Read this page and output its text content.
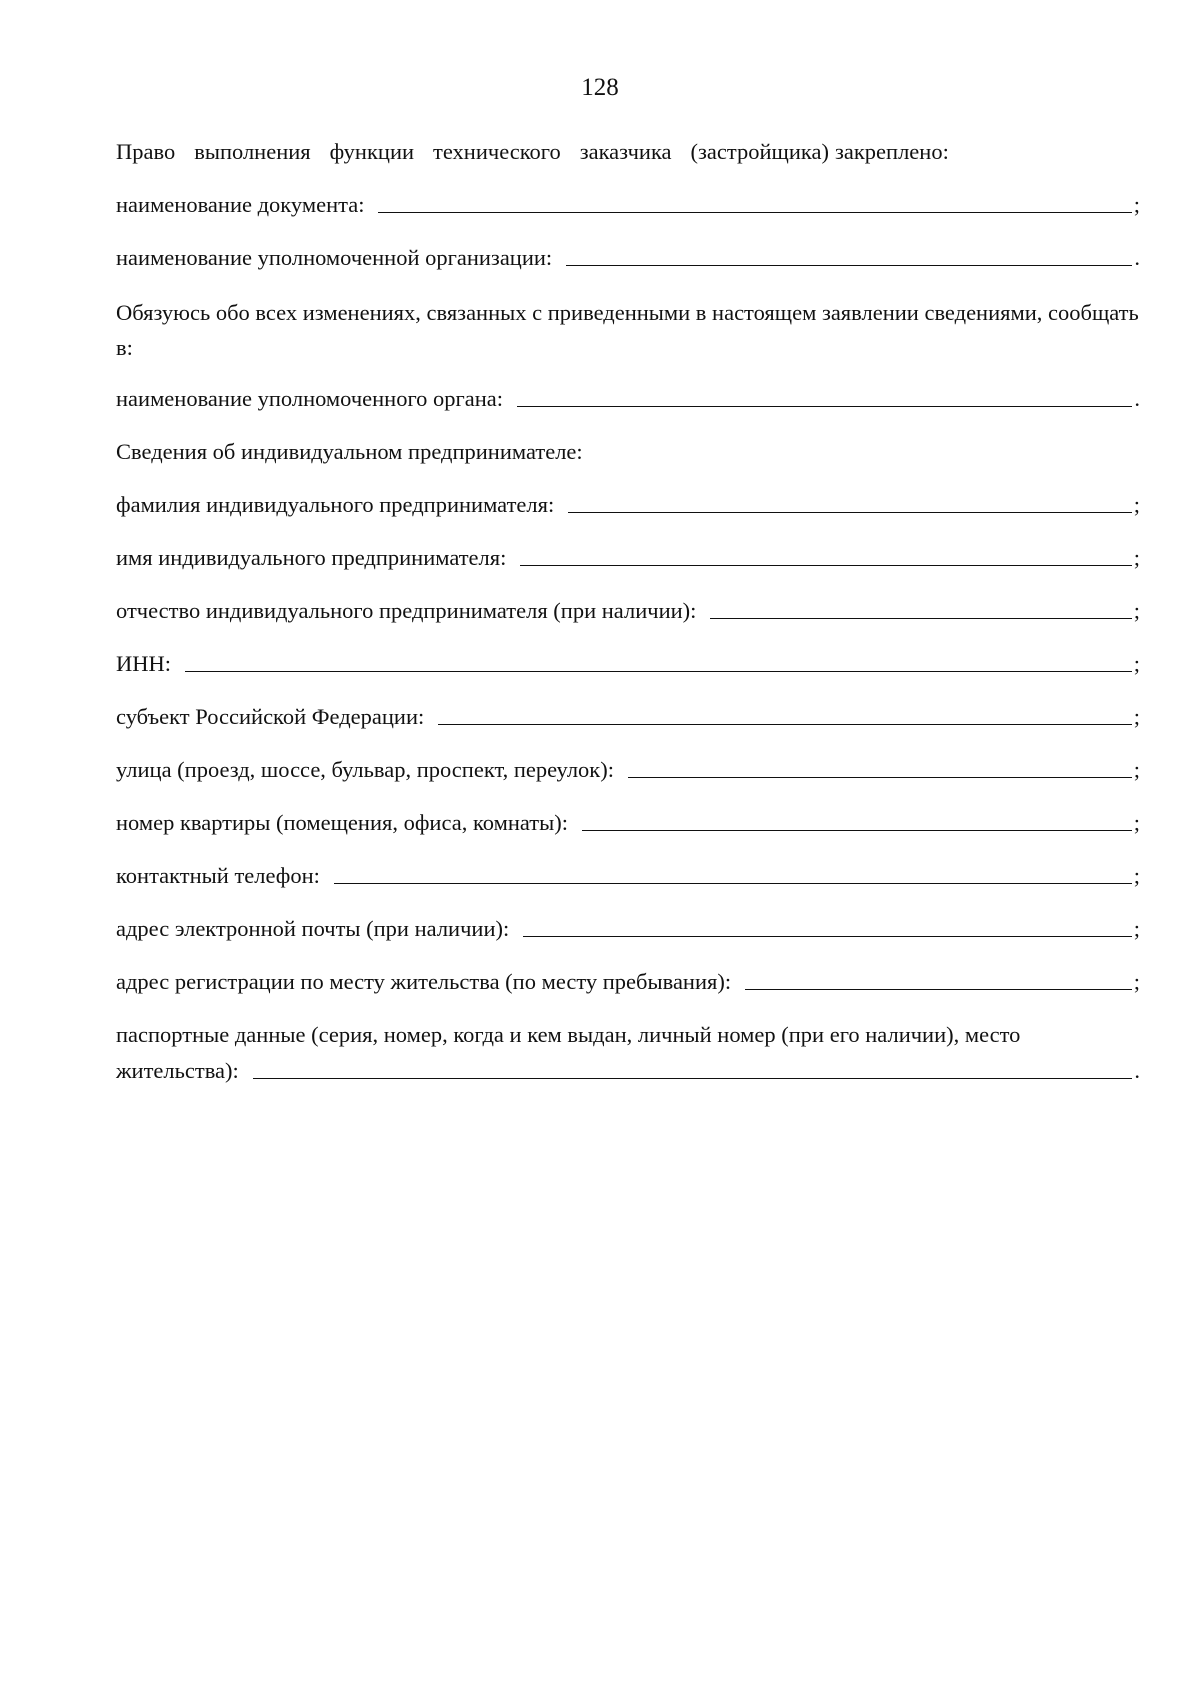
128
Право выполнения функции технического заказчика (застройщика) закреплено:
наименование документа:	;
наименование уполномоченной организации:	.
Обязуюсь обо всех изменениях, связанных с приведенными в настоящем заявлении сведениями, сообщать в:
наименование уполномоченного органа:	.
Сведения об индивидуальном предпринимателе:
фамилия индивидуального предпринимателя:	;
имя индивидуального предпринимателя:	;
отчество индивидуального предпринимателя (при наличии):	;
ИНН:	;
субъект Российской Федерации:	;
улица (проезд, шоссе, бульвар, проспект, переулок):	;
номер квартиры (помещения, офиса, комнаты):	;
контактный телефон:	;
адрес электронной почты (при наличии):	;
адрес регистрации по месту жительства (по месту пребывания):	;
паспортные данные (серия, номер, когда и кем выдан, личный номер (при его наличии), место
жительства):	.
